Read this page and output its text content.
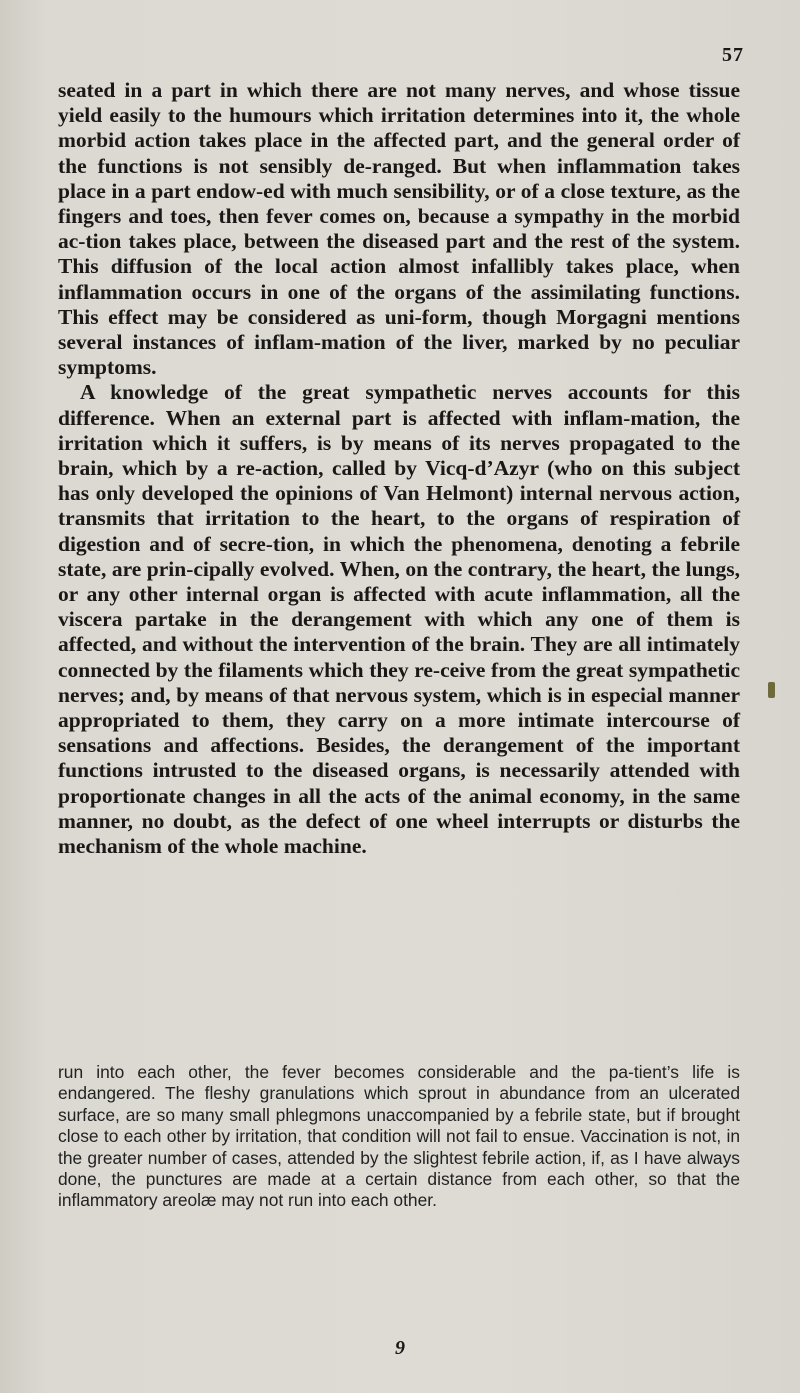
57

seated in a part in which there are not many nerves, and whose tissue yield easily to the humours which irritation determines into it, the whole morbid action takes place in the affected part, and the general order of the functions is not sensibly de-ranged. But when inflammation takes place in a part endow-ed with much sensibility, or of a close texture, as the fingers and toes, then fever comes on, because a sympathy in the morbid ac-tion takes place, between the diseased part and the rest of the system. This diffusion of the local action almost infallibly takes place, when inflammation occurs in one of the organs of the assimilating functions. This effect may be considered as uni-form, though Morgagni mentions several instances of inflam-mation of the liver, marked by no peculiar symptoms.

A knowledge of the great sympathetic nerves accounts for this difference. When an external part is affected with inflam-mation, the irritation which it suffers, is by means of its nerves propagated to the brain, which by a re-action, called by Vicq-d’Azyr (who on this subject has only developed the opinions of Van Helmont) internal nervous action, transmits that irritation to the heart, to the organs of respiration of digestion and of secre-tion, in which the phenomena, denoting a febrile state, are prin-cipally evolved. When, on the contrary, the heart, the lungs, or any other internal organ is affected with acute inflammation, all the viscera partake in the derangement with which any one of them is affected, and without the intervention of the brain. They are all intimately connected by the filaments which they re-ceive from the great sympathetic nerves; and, by means of that nervous system, which is in especial manner appropriated to them, they carry on a more intimate intercourse of sensations and affections. Besides, the derangement of the important functions intrusted to the diseased organs, is necessarily attended with proportionate changes in all the acts of the animal economy, in the same manner, no doubt, as the defect of one wheel interrupts or disturbs the mechanism of the whole machine.

run into each other, the fever becomes considerable and the pa-tient’s life is endangered. The fleshy granulations which sprout in abundance from an ulcerated surface, are so many small phlegmons unaccompanied by a febrile state, but if brought close to each other by irritation, that condition will not fail to ensue. Vaccination is not, in the greater number of cases, attended by the slightest febrile action, if, as I have always done, the punctures are made at a certain distance from each other, so that the inflammatory areolæ may not run into each other.

9
